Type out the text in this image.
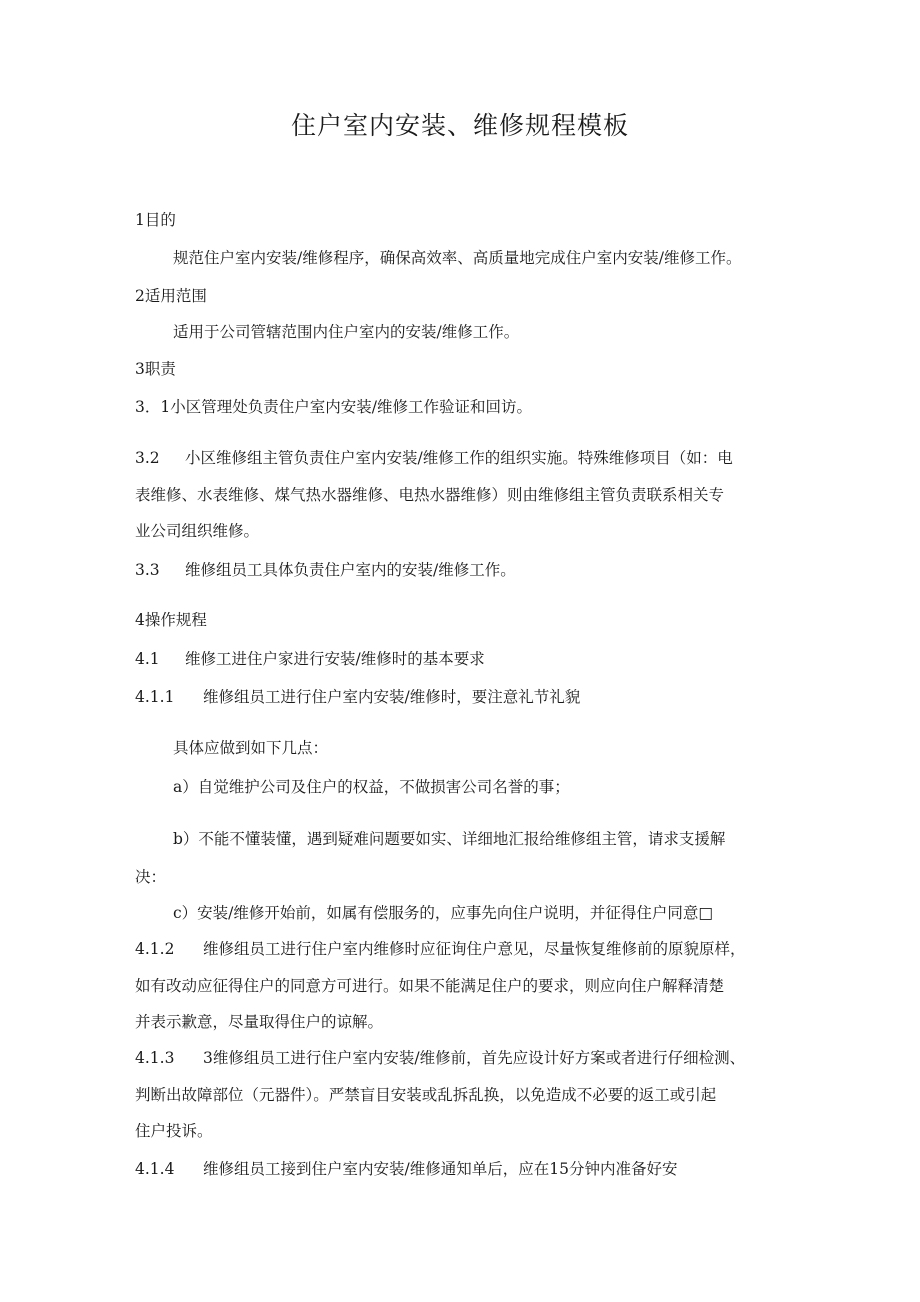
住户室内安装、维修规程模板
1目的
规范住户室内安装/维修程序，确保高效率、高质量地完成住户室内安装/维修工作。
2适用范围
适用于公司管辖范围内住户室内的安装/维修工作。
3职责
3．1小区管理处负责住户室内安装/维修工作验证和回访。
3.2 小区维修组主管负责住户室内安装/维修工作的组织实施。特殊维修项目（如：电
表维修、水表维修、煤气热水器维修、电热水器维修）则由维修组主管负责联系相关专
业公司组织维修。
3.3 维修组员工具体负责住户室内的安装/维修工作。
4操作规程
4.1 维修工进住户家进行安装/维修时的基本要求
4.1.1 维修组员工进行住户室内安装/维修时，要注意礼节礼貌
具体应做到如下几点：
a）自觉维护公司及住户的权益，不做损害公司名誉的事；
b）不能不懂装懂，遇到疑难问题要如实、详细地汇报给维修组主管，请求支援解
决：
c）安装/维修开始前，如属有偿服务的，应事先向住户说明，并征得住户同意□
4.1.2 维修组员工进行住户室内维修时应征询住户意见，尽量恢复维修前的原貌原样，
如有改动应征得住户的同意方可进行。如果不能满足住户的要求，则应向住户解释清楚
并表示歉意，尽量取得住户的谅解。
4.1.3 3维修组员工进行住户室内安装/维修前，首先应设计好方案或者进行仔细检测、
判断出故障部位（元器件）。严禁盲目安装或乱拆乱换，以免造成不必要的返工或引起
住户投诉。
4.1.4 维修组员工接到住户室内安装/维修通知单后，应在15分钟内准备好安
